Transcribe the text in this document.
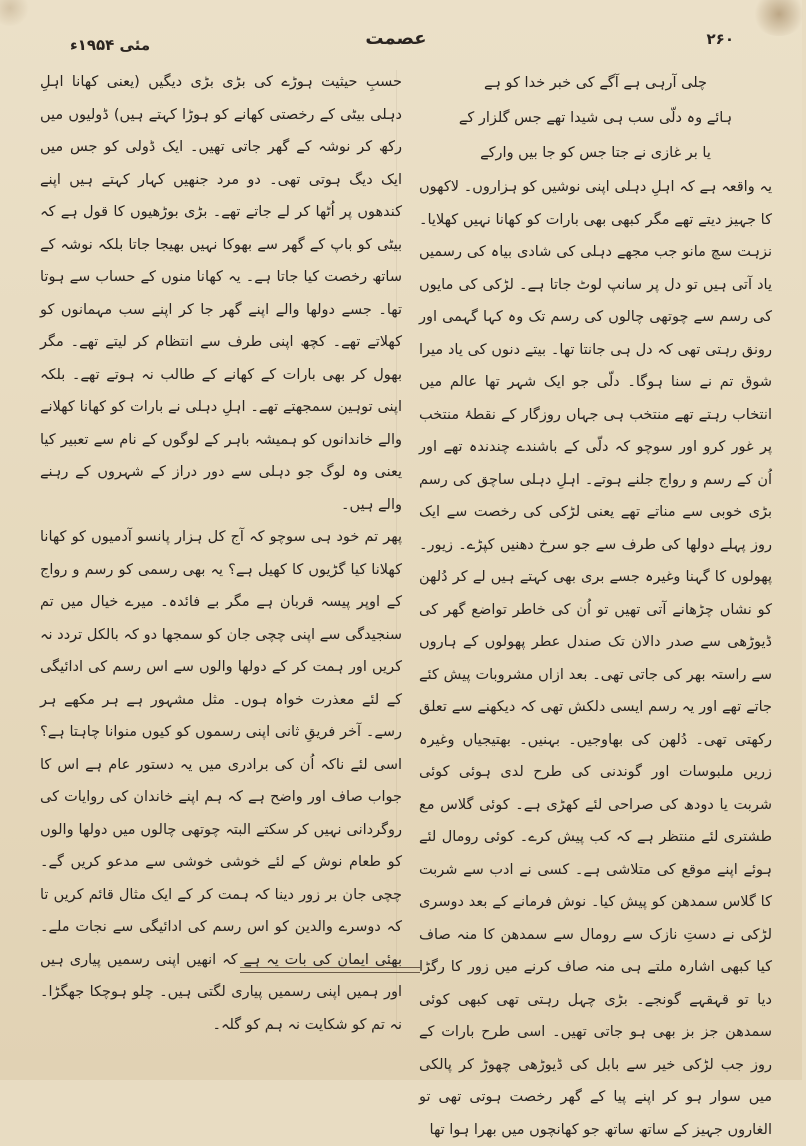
۲۶۰
عصمت
مئی ۱۹۵۴ء
چلی آرہی ہے آگے کی خبر خدا کو ہے
ہائے وہ دلّی سب ہی شیدا تھے جس گلزار کے
یا بر غازی نے جتا جس کو جا بیں وارکے

یہ واقعہ ہے کہ اہلِ دہلی اپنی نوشیں کو ہزاروں۔ لاکھوں کا جہیز دیتے تھے مگر کبھی بھی بارات کو کھانا نہیں کھلایا۔ نزہت سچ مانو جب مجھے دہلی کی شادی بیاہ کی رسمیں یاد آتی ہیں تو دل پر سانپ لوٹ جاتا ہے۔ لڑکی کی مایوں کی رسم سے چوتھی چالوں کی رسم تک وہ کہا گہمی اور رونق رہتی تھی کہ دل ہی جانتا تھا۔ بیتے دنوں کی یاد میرا شوق تم نے سنا ہوگا۔ دلّی جو ایک شہر تھا عالم میں انتخاب رہتے تھے منتخب ہی جہاں روزگار کے نقطۂ منتخب پر غور کرو اور سوچو کہ دلّی کے باشندے چندندہ تھے اور اُن کے رسم و رواج جلنے ہوتے۔ اہلِ دہلی ساچق کی رسم بڑی خوبی سے مناتے تھے یعنی لڑکی کی رخصت سے ایک روز پہلے دولھا کی طرف سے جو سرخ دھنیں کپڑے۔ زیور۔ پھولوں کا گہنا وغیرہ جسے بری بھی کہتے ہیں لے کر دُلھن کو نشاں چڑھانے آتی تھیں تو اُن کی خاطر تواضع گھر کی ڈیوڑھی سے صدر دالان تک صندل عطر پھولوں کے ہاروں سے راستہ بھر کی جاتی تھی۔ بعد ازاں مشروبات پیش کئے جاتے تھے اور یہ رسم ایسی دلکش تھی کہ دیکھنے سے تعلق رکھتی تھی۔ دُلھن کی بھاوجیں۔ بہنیں۔ بھتیجیاں وغیرہ زریں ملبوسات اور گوندنی کی طرح لدی ہوئی کوئی شربت یا دودھ کی صراحی لئے کھڑی ہے۔ کوئی گلاس مع طشتری لئے منتظر ہے کہ کب پیش کرے۔ کوئی رومال لئے ہوئے اپنے موقع کی متلاشی ہے۔ کسی نے ادب سے شربت کا گلاس سمدھن کو پیش کیا۔ نوش فرمانے کے بعد دوسری لڑکی نے دستِ نازک سے رومال سے سمدھن کا منہ صاف کیا کبھی اشارہ ملتے ہی منہ صاف کرنے میں زور کا رگڑا دیا تو قہقہے گونجے۔ بڑی چہل رہتی تھی کبھی کوئی سمدھن جز بز بھی ہو جاتی تھیں۔ اسی طرح بارات کے روز جب لڑکی خیر سے بابل کی ڈیوڑھی چھوڑ کر پالکی میں سوار ہو کر اپنے پیا کے گھر رخصت ہوتی تھی تو الغاروں جہیز کے ساتھ ساتھ جو کھانچوں میں بھرا ہوا تھا

حسبِ حیثیت ہوڑے کی بڑی بڑی دیگیں (یعنی کھانا اہلِ دہلی بیٹی کے رخصتی کھانے کو ہوڑا کہتے ہیں) ڈولیوں میں رکھ کر نوشہ کے گھر جاتی تھیں۔ ایک ڈولی کو جس میں ایک دیگ ہوتی تھی۔ دو مرد جنھیں کہار کہتے ہیں اپنے کندھوں پر اُٹھا کر لے جاتے تھے۔ بڑی بوڑھیوں کا قول ہے کہ بیٹی کو باپ کے گھر سے بھوکا نہیں بھیجا جاتا بلکہ نوشہ کے ساتھ رخصت کیا جاتا ہے۔ یہ کھانا منوں کے حساب سے ہوتا تھا۔ جسے دولھا والے اپنے گھر جا کر اپنے سب مہمانوں کو کھلاتے تھے۔ کچھ اپنی طرف سے انتظام کر لیتے تھے۔ مگر بھول کر بھی بارات کے کھانے کے طالب نہ ہوتے تھے۔ بلکہ اپنی توہین سمجھتے تھے۔ اہلِ دہلی نے بارات کو کھانا کھلانے والے خاندانوں کو ہمیشہ باہر کے لوگوں کے نام سے تعبیر کیا یعنی وہ لوگ جو دہلی سے دور دراز کے شہروں کے رہنے والے ہیں۔

پھر تم خود ہی سوچو کہ آج کل ہزار پانسو آدمیوں کو کھانا کھلانا کیا گڑیوں کا کھیل ہے؟ یہ بھی رسمی کو رسم و رواج کے اوپر پیسہ قربان ہے مگر بے فائدہ۔ میرے خیال میں تم سنجیدگی سے اپنی چچی جان کو سمجھا دو کہ بالکل تردد نہ کریں اور ہمت کر کے دولھا والوں سے اس رسم کی ادائیگی کے لئے معذرت خواہ ہوں۔ مثل مشہور ہے ہر مکھے ہر رسے۔ آخر فریقِ ثانی اپنی رسموں کو کیوں منوانا چاہتا ہے؟ اسی لئے ناکہ اُن کی برادری میں یہ دستور عام ہے اس کا جواب صاف اور واضح ہے کہ ہم اپنے خاندان کی روایات کی روگردانی نہیں کر سکتے البتہ چوتھی چالوں میں دولھا والوں کو طعام نوش کے لئے خوشی خوشی سے مدعو کریں گے۔ چچی جان بر زور دینا کہ ہمت کر کے ایک مثال قائم کریں تا کہ دوسرے والدین کو اس رسم کی ادائیگی سے نجات ملے۔ بھئی ایمان کی بات یہ ہے کہ انھیں اپنی رسمیں پیاری ہیں اور ہمیں اپنی رسمیں پیاری لگتی ہیں۔ چلو ہوچکا جھگڑا۔ نہ تم کو شکایت نہ ہم کو گلہ۔
